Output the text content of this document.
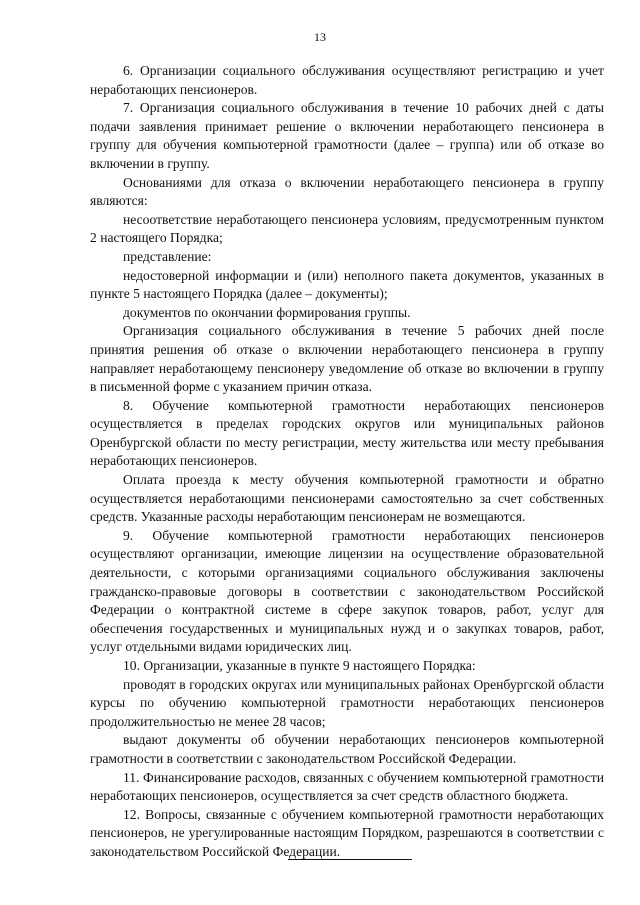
13

6. Организации социального обслуживания осуществляют регистрацию и учет неработающих пенсионеров.

7. Организация социального обслуживания в течение 10 рабочих дней с даты подачи заявления принимает решение о включении неработающего пенсионера в группу для обучения компьютерной грамотности (далее – группа) или об отказе во включении в группу.

Основаниями для отказа о включении неработающего пенсионера в группу являются:

несоответствие неработающего пенсионера условиям, предусмотренным пунктом 2 настоящего Порядка;

представление:

недостоверной информации и (или) неполного пакета документов, указанных в пункте 5 настоящего Порядка (далее – документы);

документов по окончании формирования группы.

Организация социального обслуживания в течение 5 рабочих дней после принятия решения об отказе о включении неработающего пенсионера в группу направляет неработающему пенсионеру уведомление об отказе во включении в группу в письменной форме с указанием причин отказа.

8. Обучение компьютерной грамотности неработающих пенсионеров осуществляется в пределах городских округов или муниципальных районов Оренбургской области по месту регистрации, месту жительства или месту пребывания неработающих пенсионеров.

Оплата проезда к месту обучения компьютерной грамотности и обратно осуществляется неработающими пенсионерами самостоятельно за счет собственных средств. Указанные расходы неработающим пенсионерам не возмещаются.

9. Обучение компьютерной грамотности неработающих пенсионеров осуществляют организации, имеющие лицензии на осуществление образовательной деятельности, с которыми организациями социального обслуживания заключены гражданско-правовые договоры в соответствии с законодательством Российской Федерации о контрактной системе в сфере закупок товаров, работ, услуг для обеспечения государственных и муниципальных нужд и о закупках товаров, работ, услуг отдельными видами юридических лиц.

10. Организации, указанные в пункте 9 настоящего Порядка:

проводят в городских округах или муниципальных районах Оренбургской области курсы по обучению компьютерной грамотности неработающих пенсионеров продолжительностью не менее 28 часов;

выдают документы об обучении неработающих пенсионеров компьютерной грамотности в соответствии с законодательством Российской Федерации.

11. Финансирование расходов, связанных с обучением компьютерной грамотности неработающих пенсионеров, осуществляется за счет средств областного бюджета.

12. Вопросы, связанные с обучением компьютерной грамотности неработающих пенсионеров, не урегулированные настоящим Порядком, разрешаются в соответствии с законодательством Российской Федерации.
